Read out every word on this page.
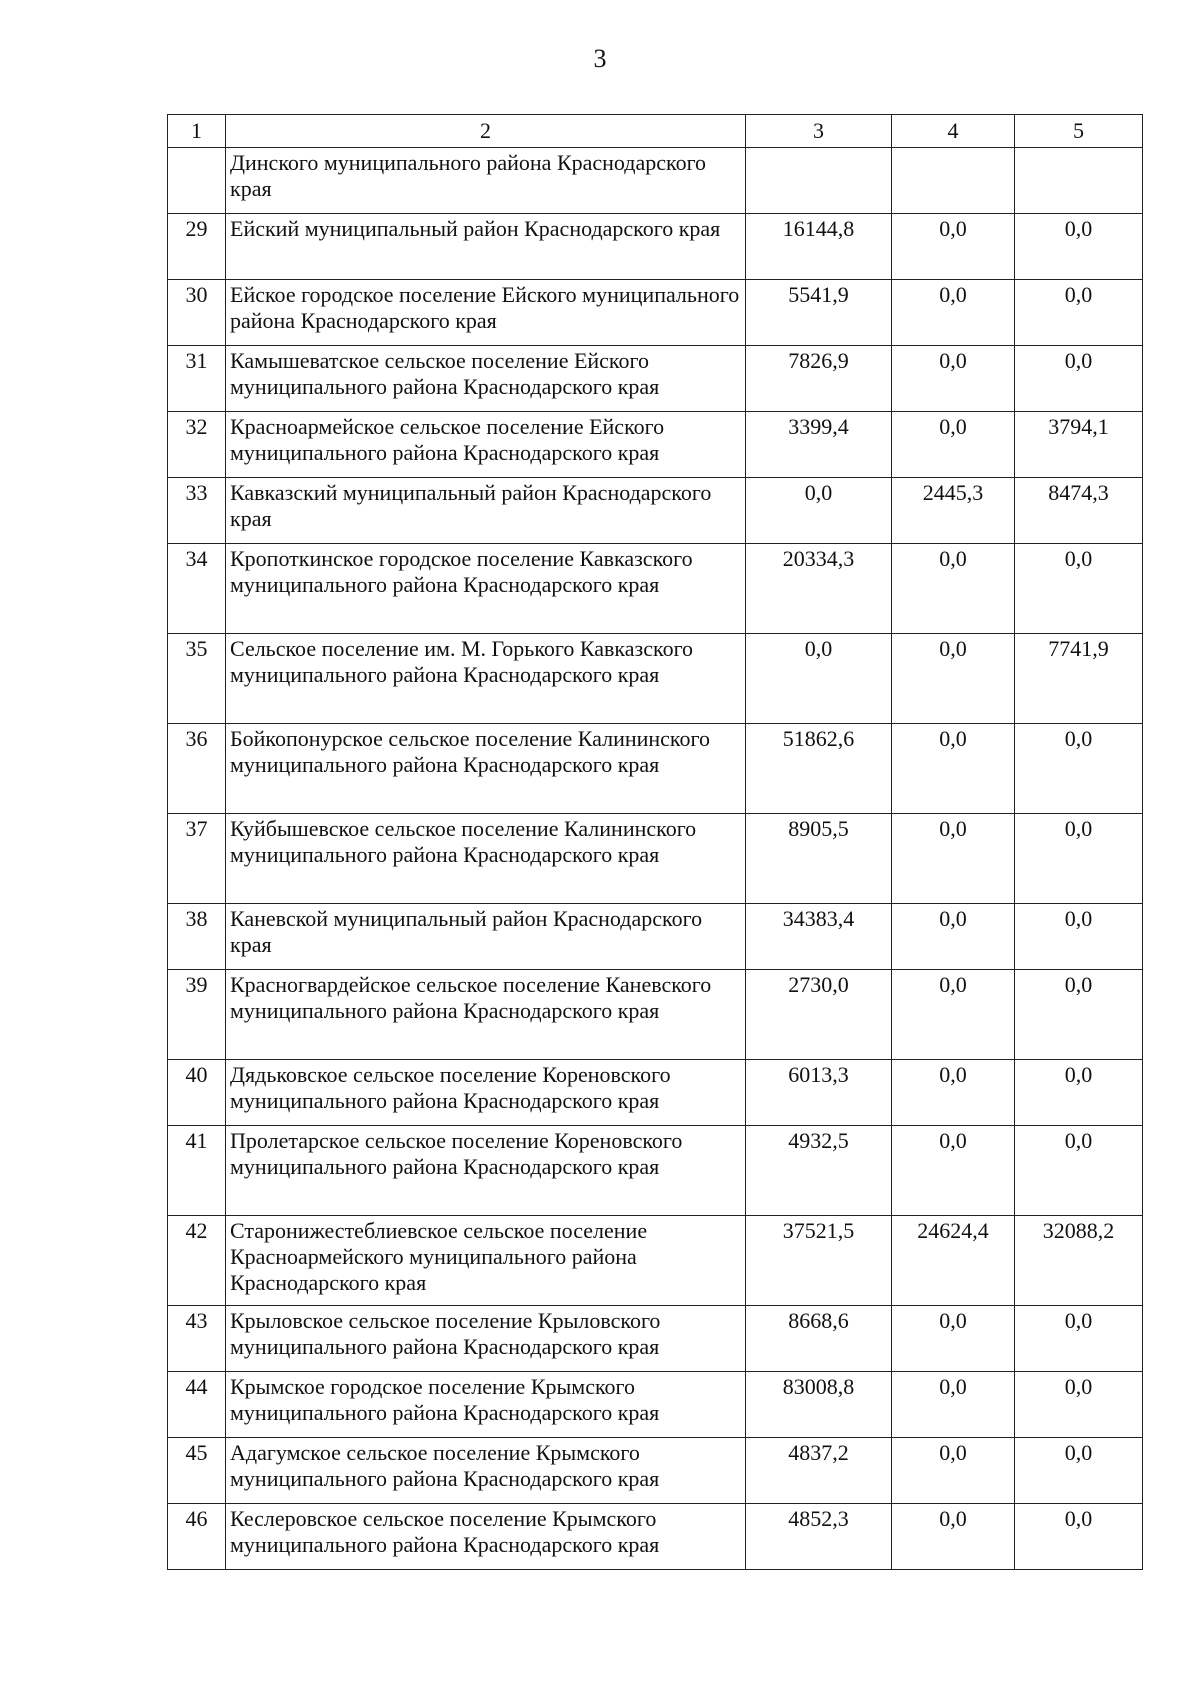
3
1	2	3	4	5
	Динского муниципального района Краснодарского края			
29	Ейский муниципальный район Краснодарского края	16144,8	0,0	0,0
30	Ейское городское поселение Ейского муниципального района Краснодарского края	5541,9	0,0	0,0
31	Камышеватское сельское поселение Ейского муниципального района Краснодарского края	7826,9	0,0	0,0
32	Красноармейское сельское поселение Ейского муниципального района Краснодарского края	3399,4	0,0	3794,1
33	Кавказский муниципальный район Краснодарского края	0,0	2445,3	8474,3
34	Кропоткинское городское поселение Кавказского муниципального района Краснодарского края	20334,3	0,0	0,0
35	Сельское поселение им. М. Горького Кавказского муниципального района Краснодарского края	0,0	0,0	7741,9
36	Бойкопонурское сельское поселение Калининского муниципального района Краснодарского края	51862,6	0,0	0,0
37	Куйбышевское сельское поселение Калининского муниципального района Краснодарского края	8905,5	0,0	0,0
38	Каневской муниципальный район Краснодарского края	34383,4	0,0	0,0
39	Красногвардейское сельское поселение Каневского муниципального района Краснодарского края	2730,0	0,0	0,0
40	Дядьковское сельское поселение Кореновского муниципального района Краснодарского края	6013,3	0,0	0,0
41	Пролетарское сельское поселение Кореновского муниципального района Краснодарского края	4932,5	0,0	0,0
42	Старонижестеблиевское сельское поселение Красноармейского муниципального района Краснодарского края	37521,5	24624,4	32088,2
43	Крыловское сельское поселение Крыловского муниципального района Краснодарского края	8668,6	0,0	0,0
44	Крымское городское поселение Крымского муниципального района Краснодарского края	83008,8	0,0	0,0
45	Адагумское сельское поселение Крымского муниципального района Краснодарского края	4837,2	0,0	0,0
46	Кеслеровское сельское поселение Крымского муниципального района Краснодарского края	4852,3	0,0	0,0
